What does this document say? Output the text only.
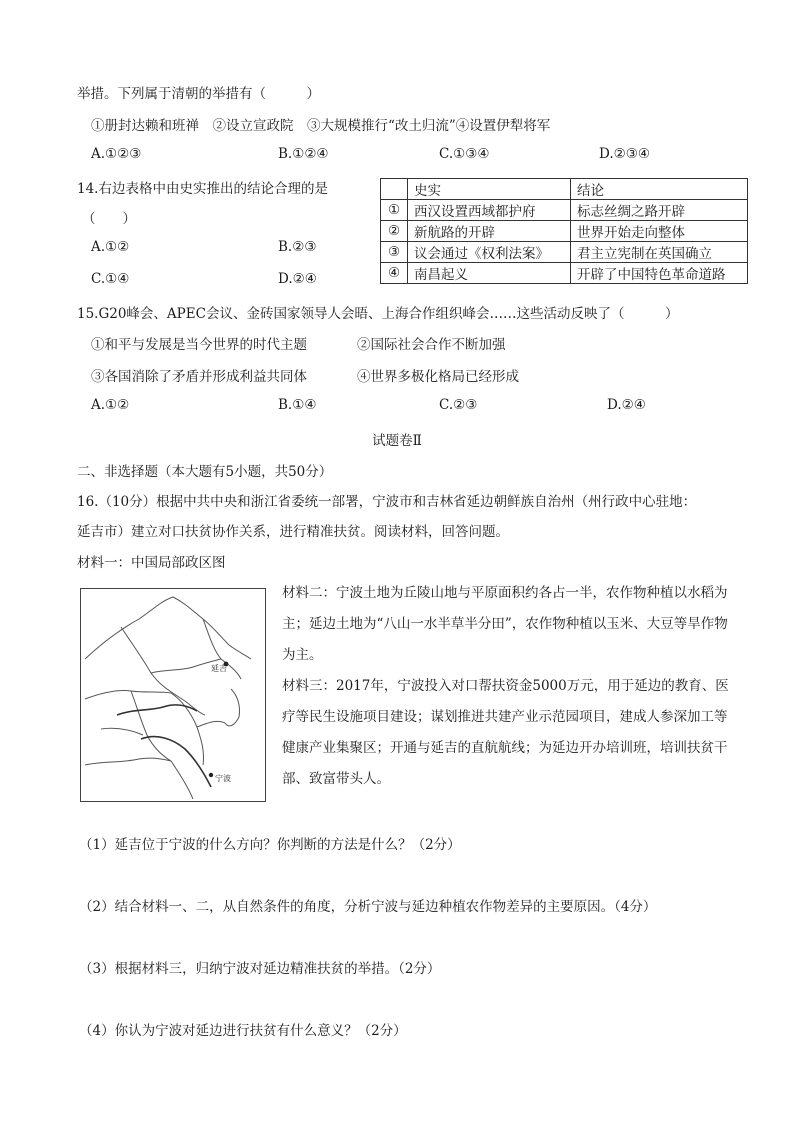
举措。下列属于清朝的举措有（　　　）
①册封达赖和班禅　②设立宣政院　③大规模推行“改土归流”④设置伊犁将军
A.①②③	B.①②④	C.①③④	D.②③④
14.右边表格中由史实推出的结论合理的是
（　　）
A.①②	B.②③
C.①④	D.②④
	史实	结论
①	西汉设置西域都护府	标志丝绸之路开辟
②	新航路的开辟	世界开始走向整体
③	议会通过《权利法案》	君主立宪制在英国确立
④	南昌起义	开辟了中国特色革命道路
15.G20峰会、APEC会议、金砖国家领导人会晤、上海合作组织峰会……这些活动反映了（　　　）
①和平与发展是当今世界的时代主题	②国际社会合作不断加强
③各国消除了矛盾并形成利益共同体	④世界多极化格局已经形成
A.①②	B.①④	C.②③	D.②④
试题卷Ⅱ
二、非选择题（本大题有5小题，共50分）
16.（10分）根据中共中央和浙江省委统一部署，宁波市和吉林省延边朝鲜族自治州（州行政中心驻地：
延吉市）建立对口扶贫协作关系，进行精准扶贫。阅读材料，回答问题。
材料一：中国局部政区图
延吉
宁波
材料二：宁波土地为丘陵山地与平原面积约各占一半，农作物种植以水稻为主；延边土地为“八山一水半草半分田”，农作物种植以玉米、大豆等旱作物为主。
材料三：2017年，宁波投入对口帮扶资金5000万元，用于延边的教育、医疗等民生设施项目建设；谋划推进共建产业示范园项目，建成人参深加工等健康产业集聚区；开通与延吉的直航航线；为延边开办培训班，培训扶贫干部、致富带头人。
（1）延吉位于宁波的什么方向？你判断的方法是什么？（2分）
（2）结合材料一、二，从自然条件的角度，分析宁波与延边种植农作物差异的主要原因。（4分）
（3）根据材料三，归纳宁波对延边精准扶贫的举措。（2分）
（4）你认为宁波对延边进行扶贫有什么意义？（2分）
